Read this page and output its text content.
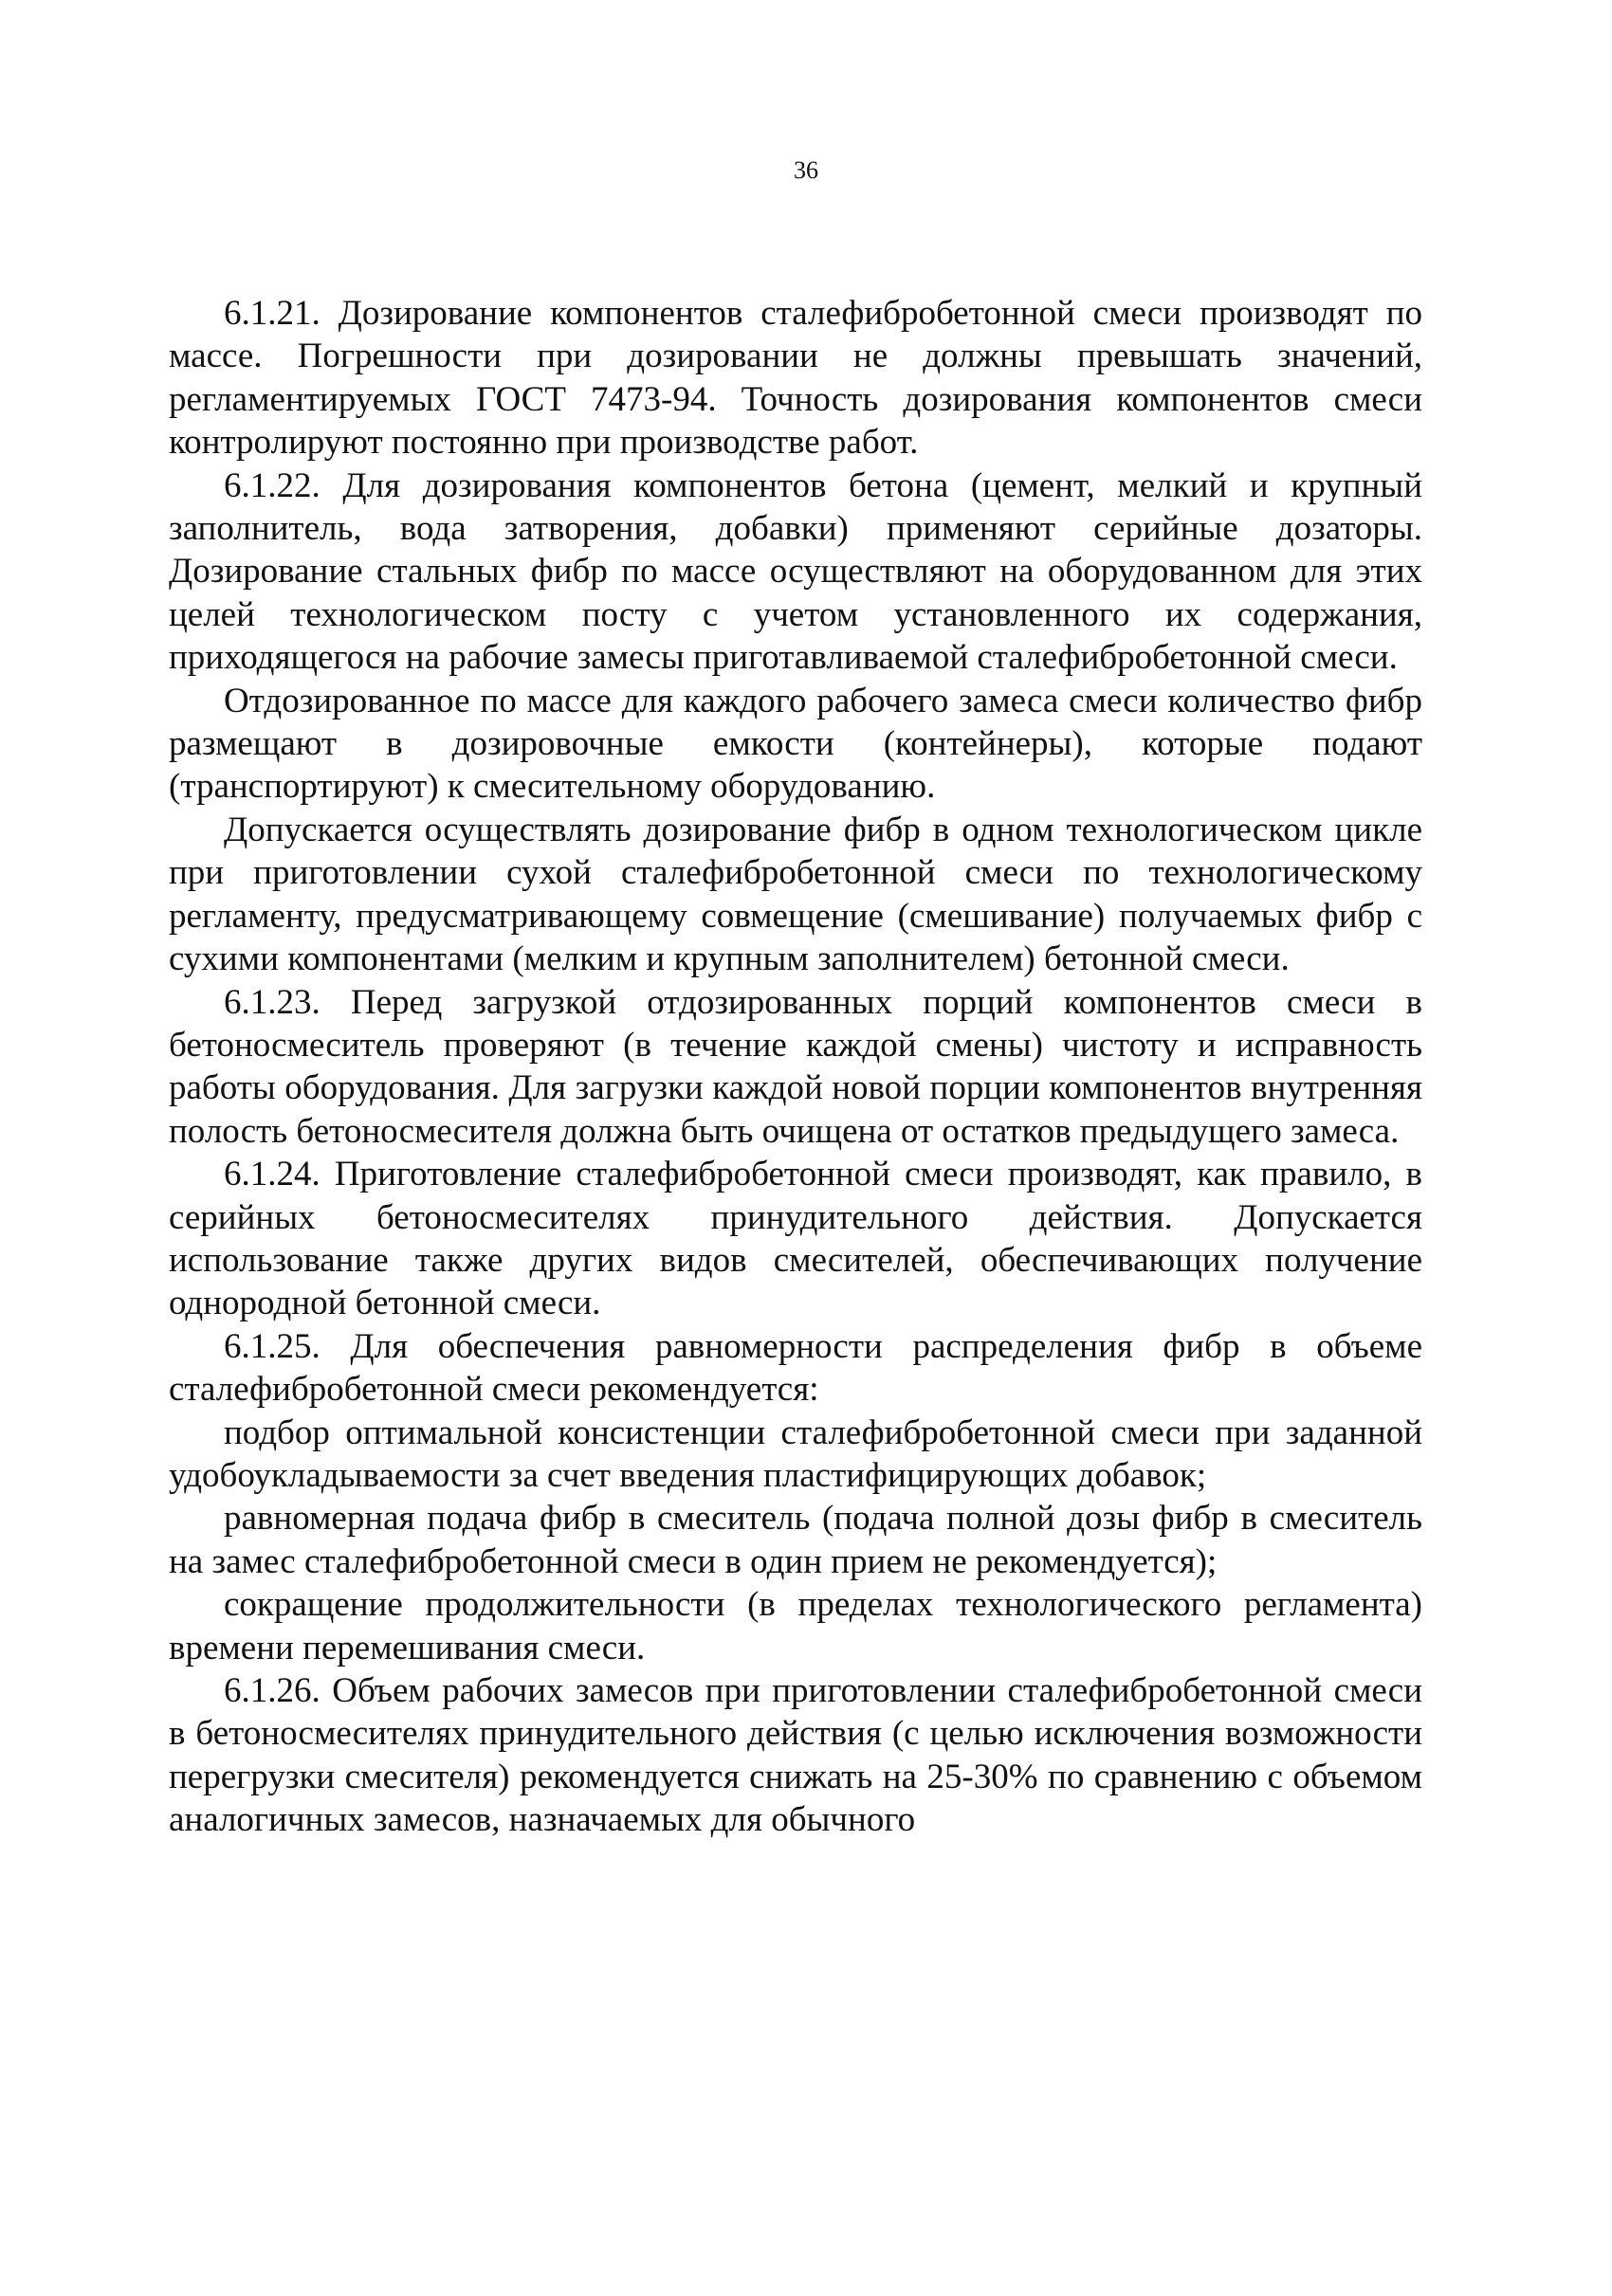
36

6.1.21. Дозирование компонентов сталефибробетонной смеси производят по массе. Погрешности при дозировании не должны превышать значений, регламентируемых ГОСТ 7473-94. Точность дозирования компонентов смеси контролируют постоянно при производстве работ.

6.1.22. Для дозирования компонентов бетона (цемент, мелкий и крупный заполнитель, вода затворения, добавки) применяют серийные дозаторы. Дозирование стальных фибр по массе осуществляют на оборудованном для этих целей технологическом посту с учетом установленного их содержания, приходящегося на рабочие замесы приготавливаемой сталефибробетонной смеси.

Отдозированное по массе для каждого рабочего замеса смеси количество фибр размещают в дозировочные емкости (контейнеры), которые подают (транспортируют) к смесительному оборудованию.

Допускается осуществлять дозирование фибр в одном технологическом цикле при приготовлении сухой сталефибробетонной смеси по технологическому регламенту, предусматривающему совмещение (смешивание) получаемых фибр с сухими компонентами (мелким и крупным заполнителем) бетонной смеси.

6.1.23. Перед загрузкой отдозированных порций компонентов смеси в бетоносмеситель проверяют (в течение каждой смены) чистоту и исправность работы оборудования. Для загрузки каждой новой порции компонентов внутренняя полость бетоносмесителя должна быть очищена от остатков предыдущего замеса.

6.1.24. Приготовление сталефибробетонной смеси производят, как правило, в серийных бетоносмесителях принудительного действия. Допускается использование также других видов смесителей, обеспечивающих получение однородной бетонной смеси.

6.1.25. Для обеспечения равномерности распределения фибр в объеме сталефибробетонной смеси рекомендуется:

подбор оптимальной консистенции сталефибробетонной смеси при заданной удобоукладываемости за счет введения пластифицирующих добавок;

равномерная подача фибр в смеситель (подача полной дозы фибр в смеситель на замес сталефибробетонной смеси в один прием не рекомендуется);

сокращение продолжительности (в пределах технологического регламента) времени перемешивания смеси.

6.1.26. Объем рабочих замесов при приготовлении сталефибробетонной смеси в бетоносмесителях принудительного действия (с целью исключения возможности перегрузки смесителя) рекомендуется снижать на 25-30% по сравнению с объемом аналогичных замесов, назначаемых для обычного
